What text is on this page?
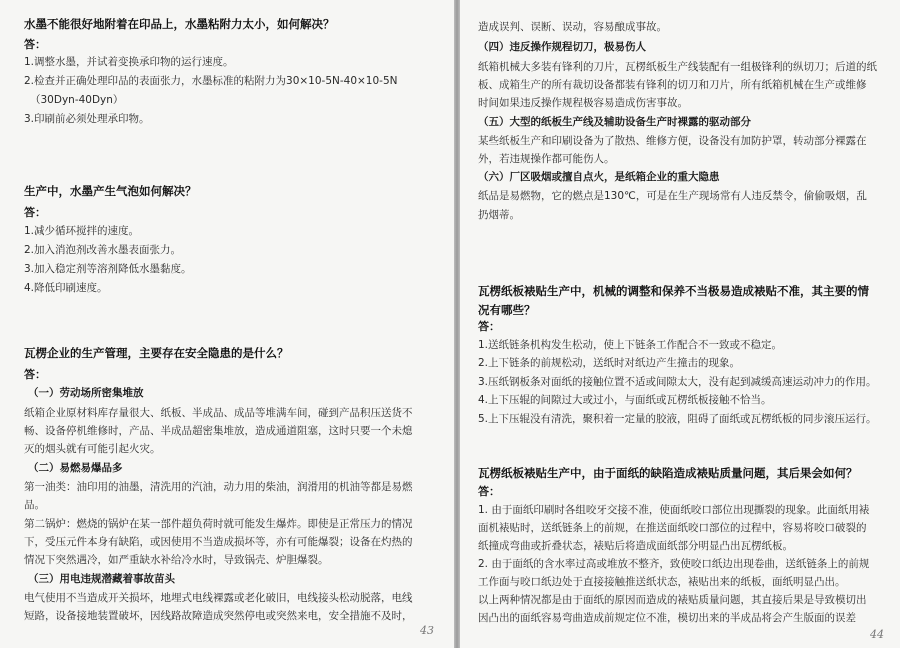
水墨不能很好地附着在印品上，水墨粘附力太小，如何解决？
答：
1.调整水墨，并试着变换承印物的运行速度。
2.检查并正确处理印品的表面张力，水墨标准的粘附力为30×10-5N-40×10-5N
（30Dyn-40Dyn）
3.印刷前必须处理承印物。
生产中，水墨产生气泡如何解决？
答：
1.减少循环搅拌的速度。
2.加入消泡剂改善水墨表面张力。
3.加入稳定剂等溶剂降低水墨黏度。
4.降低印刷速度。
瓦楞企业的生产管理，主要存在安全隐患的是什么？
答：
（一）劳动场所密集堆放
纸箱企业原材料库存量很大、纸板、半成品、成品等堆满车间，碰到产品积压送货不
畅、设备停机维修时，产品、半成品超密集堆放，造成通道阻塞，这时只要一个未熄
灭的烟头就有可能引起火灾。
（二）易燃易爆品多
第一油类：油印用的油墨，清洗用的汽油，动力用的柴油，润滑用的机油等都是易燃
品。
第二锅炉：燃烧的锅炉在某一部件超负荷时就可能发生爆炸。即使是正常压力的情况
下，受压元件本身有缺陷，或因使用不当造成损坏等，亦有可能爆裂；设备在灼热的
情况下突然遇冷，如严重缺水补给冷水时，导致锅壳、炉胆爆裂。
（三）用电违规潜藏着事故苗头
电气使用不当造成开关损坏，地埋式电线裸露或老化破旧，电线接头松动脱落，电线
短路，设备接地装置破坏，因线路故障造成突然停电或突然来电，安全措施不及时，
43
造成误判、误断、误动，容易酿成事故。
（四）违反操作规程切刀，极易伤人
纸箱机械大多装有锋利的刀片，瓦楞纸板生产线装配有一组极锋利的纵切刀；后道的纸
板、成箱生产的所有裁切设备都装有锋利的切刀和刀片，所有纸箱机械在生产或维修
时间如果违反操作规程极容易造成伤害事故。
（五）大型的纸板生产线及辅助设备生产时裸露的驱动部分
某些纸板生产和印刷设备为了散热、维修方便，设备没有加防护罩，转动部分裸露在
外，若违规操作都可能伤人。
（六）厂区吸烟或擅自点火，是纸箱企业的重大隐患
纸品是易燃物，它的燃点是130℃，可是在生产现场常有人违反禁令，偷偷吸烟，乱
扔烟蒂。
瓦楞纸板裱贴生产中，机械的调整和保养不当极易造成裱贴不准，其主要的情
况有哪些？
答：
1.送纸链条机构发生松动，使上下链条工作配合不一致或不稳定。
2.上下链条的前规松动，送纸时对纸边产生撞击的现象。
3.压纸钢板条对面纸的接触位置不适或间隙太大，没有起到减缓高速运动冲力的作用。
4.上下压辊的间隙过大或过小，与面纸或瓦楞纸板接触不恰当。
5.上下压辊没有清洗，聚积着一定量的胶液，阻碍了面纸或瓦楞纸板的同步滚压运行。
瓦楞纸板裱贴生产中，由于面纸的缺陷造成裱贴质量问题，其后果会如何？
答：
1. 由于面纸印刷时各组咬牙交接不准，使面纸咬口部位出现撕裂的现象。此面纸用裱
面机裱贴时，送纸链条上的前规，在推送面纸咬口部位的过程中，容易将咬口破裂的
纸撞成弯曲或折叠状态，裱贴后将造成面纸部分明显凸出瓦楞纸板。
2. 由于面纸的含水率过高或堆放不整齐，致使咬口纸边出现卷曲，送纸链条上的前规
工作面与咬口纸边处于直接接触推送纸状态，裱贴出来的纸板，面纸明显凸出。
以上两种情况都是由于面纸的原因而造成的裱贴质量问题，其直接后果是导致模切出
因凸出的面纸容易弯曲造成前规定位不准，模切出来的半成品将会产生版面的误差
44
